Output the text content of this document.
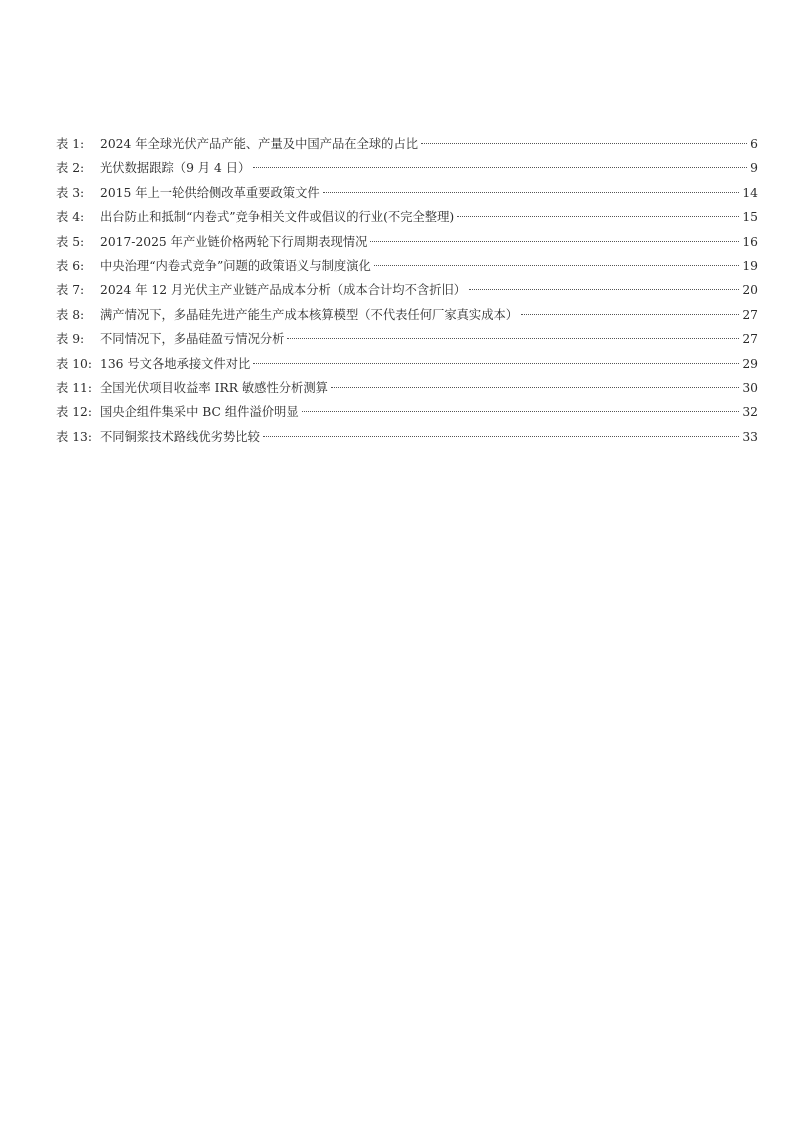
表 1:	2024 年全球光伏产品产能、产量及中国产品在全球的占比	6
表 2:	光伏数据跟踪（9 月 4 日）	9
表 3:	2015 年上一轮供给侧改革重要政策文件	14
表 4:	出台防止和抵制“内卷式”竞争相关文件或倡议的行业(不完全整理)	15
表 5:	2017-2025 年产业链价格两轮下行周期表现情况	16
表 6:	中央治理“内卷式竞争”问题的政策语义与制度演化	19
表 7:	2024 年 12 月光伏主产业链产品成本分析（成本合计均不含折旧）	20
表 8:	满产情况下，多晶硅先进产能生产成本核算模型（不代表任何厂家真实成本）	27
表 9:	不同情况下，多晶硅盈亏情况分析	27
表 10: 136 号文各地承接文件对比	29
表 11: 全国光伏项目收益率 IRR 敏感性分析测算	30
表 12: 国央企组件集采中 BC 组件溢价明显	32
表 13: 不同铜浆技术路线优劣势比较	33
